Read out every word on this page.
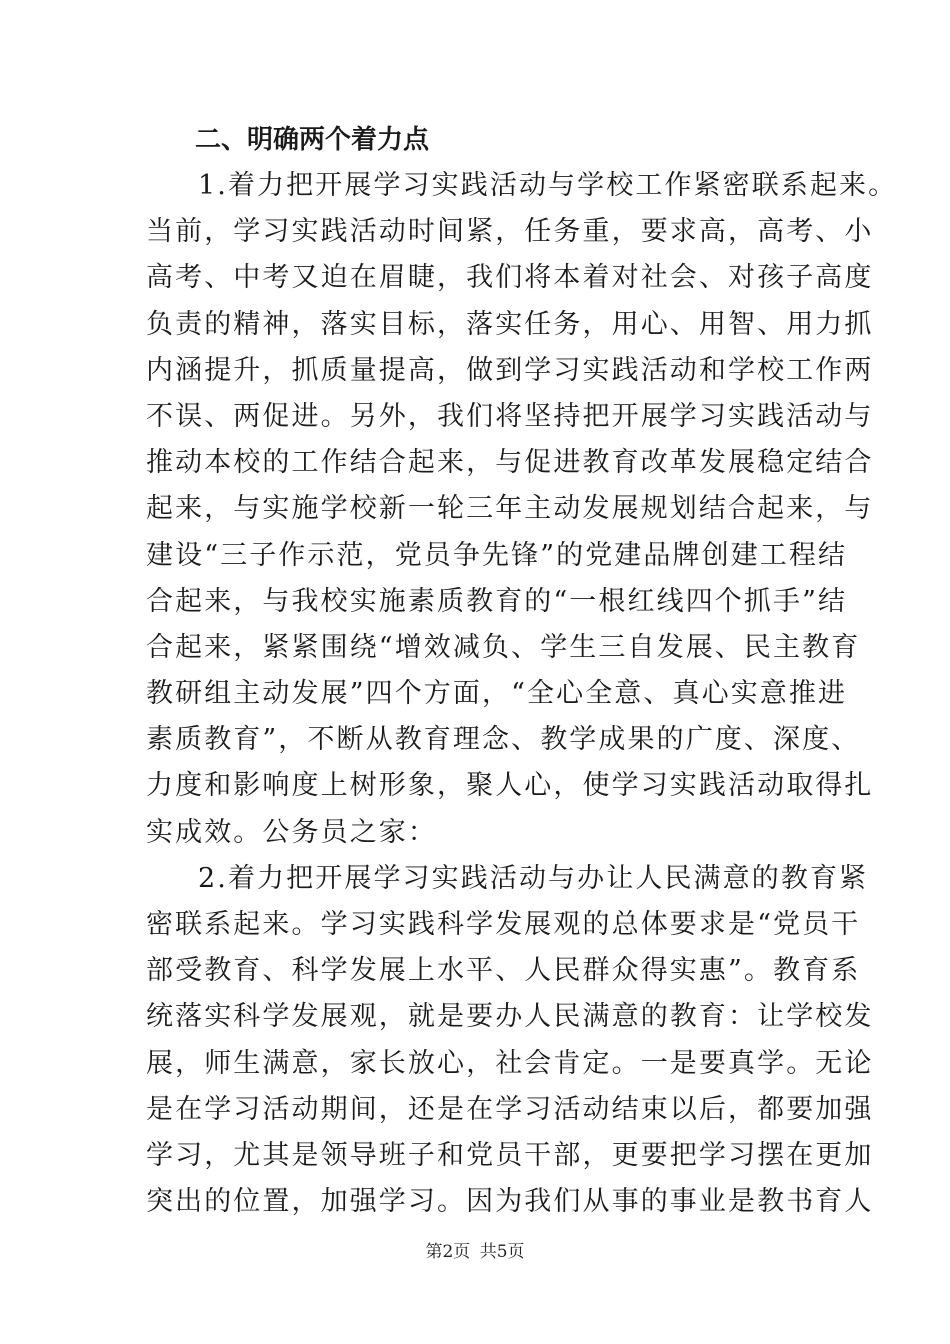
二、明确两个着力点
1.着力把开展学习实践活动与学校工作紧密联系起来。
当前，学习实践活动时间紧，任务重，要求高，高考、小
高考、中考又迫在眉睫，我们将本着对社会、对孩子高度
负责的精神，落实目标，落实任务，用心、用智、用力抓
内涵提升，抓质量提高，做到学习实践活动和学校工作两
不误、两促进。另外，我们将坚持把开展学习实践活动与
推动本校的工作结合起来，与促进教育改革发展稳定结合
起来，与实施学校新一轮三年主动发展规划结合起来，与
建设“三子作示范，党员争先锋”的党建品牌创建工程结
合起来，与我校实施素质教育的“一根红线四个抓手”结
合起来，紧紧围绕“增效减负、学生三自发展、民主教育
教研组主动发展”四个方面，“全心全意、真心实意推进
素质教育”，不断从教育理念、教学成果的广度、深度、
力度和影响度上树形象，聚人心，使学习实践活动取得扎
实成效。公务员之家：
2.着力把开展学习实践活动与办让人民满意的教育紧
密联系起来。学习实践科学发展观的总体要求是“党员干
部受教育、科学发展上水平、人民群众得实惠”。教育系
统落实科学发展观，就是要办人民满意的教育：让学校发
展，师生满意，家长放心，社会肯定。一是要真学。无论
是在学习活动期间，还是在学习活动结束以后，都要加强
学习，尤其是领导班子和党员干部，更要把学习摆在更加
突出的位置，加强学习。因为我们从事的事业是教书育人
第2页 共5页
